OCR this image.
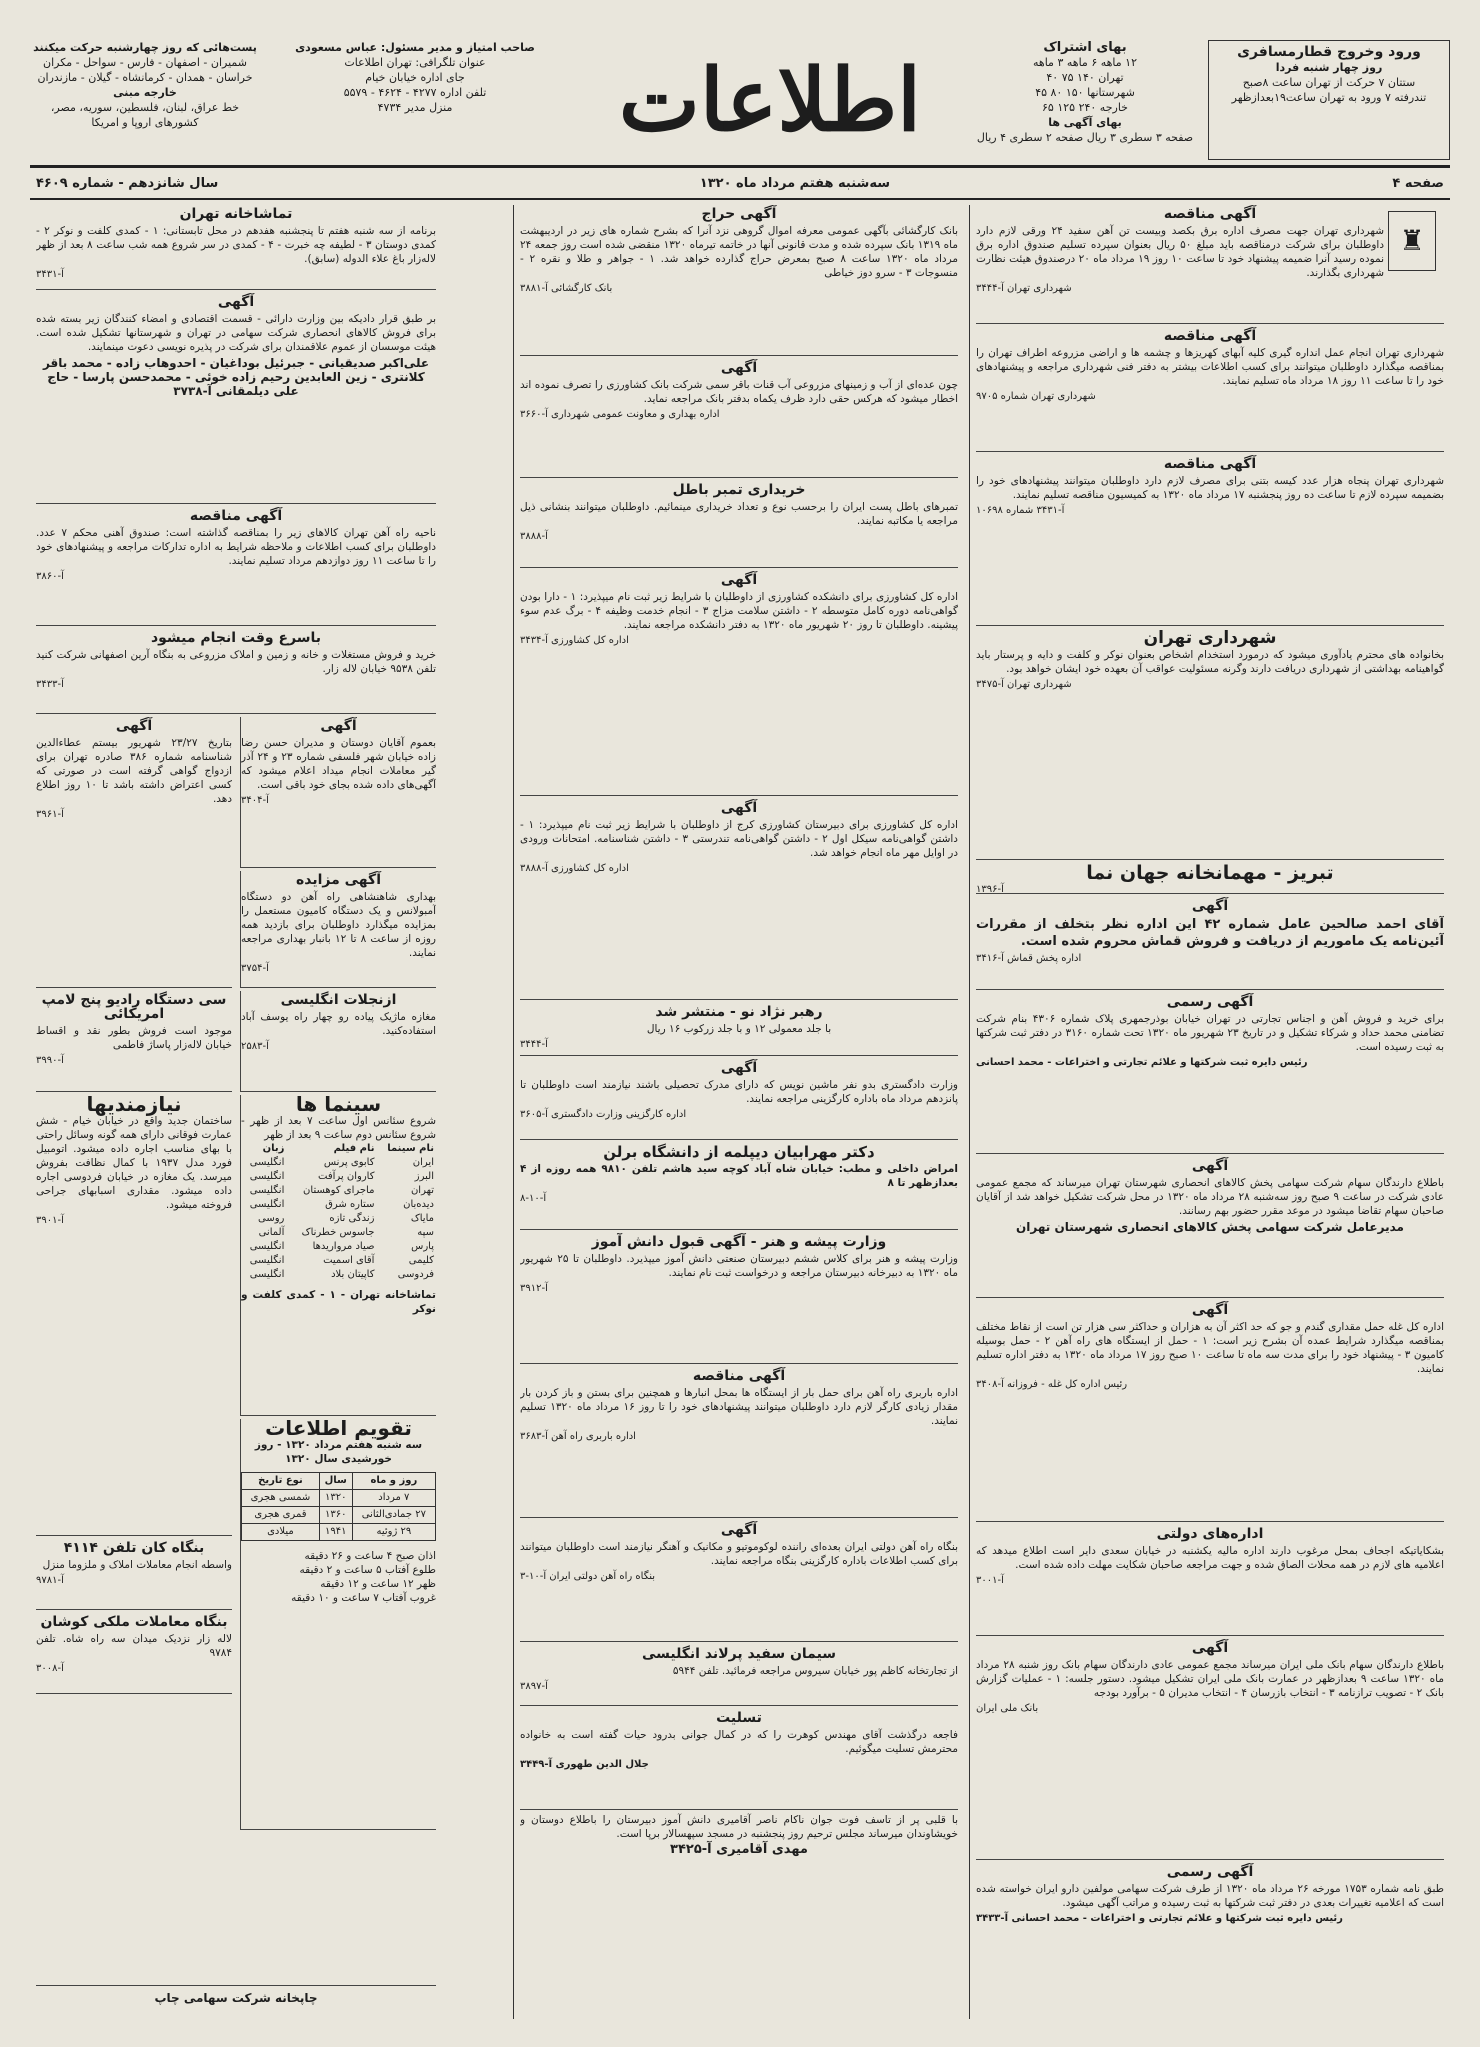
ورود وخروج قطارمسافری
روز چهار شنبه فردا
ستتان ۷ حرکت از تهران ساعت ۸صبح
تندرفته ۷ ورود به تهران ساعت۱۹بعدازظهر
بهای اشتراک
۱۲ ماهه ۶ ماهه ۳ ماهه
تهران ۱۴۰ ۷۵ ۴۰
شهرستانها ۱۵۰ ۸۰ ۴۵
خارجه ۲۴۰ ۱۲۵ ۶۵
بهای آگهی ها
صفحه ۳ سطری ۳ ریال صفحه ۲ سطری ۴ ریال
اطلاعات
صاحب امتیاز و مدیر مسئول: عباس مسعودی
عنوان تلگرافی: تهران اطلاعات
جای اداره خیابان خیام
تلفن اداره ۴۲۷۷ - ۴۶۲۴ - ۵۵۷۹
منزل مدیر ۴۷۳۴
پست‌هائی که روز چهارشنبه حرکت میکنند
شمیران - اصفهان - فارس - سواحل - مکران
خراسان - همدان - کرمانشاه - گیلان - مازندران
خارجه مبنی
خط عراق، لبنان، فلسطین، سوریه، مصر، کشورهای اروپا و امریکا
صفحه ۴
سه‌شنبه هفتم مرداد ماه ۱۳۲۰
سال شانزدهم - شماره ۴۶۰۹
♜
آگهی مناقصه

شهرداری تهران جهت مصرف اداره برق بکصد وبیست تن آهن سفید ۲۴ ورقی لازم دارد داوطلبان برای شرکت درمناقصه باید مبلغ ۵۰ ریال بعنوان سپرده تسلیم صندوق اداره برق نموده رسید آنرا ضمیمه پیشنهاد خود تا ساعت ۱۰ روز ۱۹ مرداد ماه ۲۰ درصندوق هیئت نظارت شهرداری بگذارند.

شهرداری تهران آ-۳۴۴۴

آگهی مناقصه

شهرداری تهران انجام عمل انداره گیری کلیه آبهای کهریزها و چشمه ها و اراضی مزروعه اطراف تهران را بمناقصه میگذارد داوطلبان میتوانند برای کسب اطلاعات بیشتر به دفتر فنی شهرداری مراجعه و پیشنهادهای خود را تا ساعت ۱۱ روز ۱۸ مرداد ماه تسلیم نمایند.

شهرداری تهران شماره ۹۷۰۵

آگهی مناقصه

شهرداری تهران پنجاه هزار عدد کیسه بتنی برای مصرف لازم دارد داوطلبان میتوانند پیشنهادهای خود را بضمیمه سپرده لازم تا ساعت ده روز پنجشنبه ۱۷ مرداد ماه ۱۳۲۰ به کمیسیون مناقصه تسلیم نمایند.

آ-۳۴۳۱ شماره ۱۰۶۹۸

شهرداری تهران

بخانواده های محترم یادآوری میشود که درمورد استخدام اشخاص بعنوان نوکر و کلفت و دایه و پرستار باید گواهینامه بهداشتی از شهرداری دریافت دارند وگرنه مسئولیت عواقب آن بعهده خود ایشان خواهد بود.

شهرداری تهران آ-۳۴۷۵

تبریز - مهمانخانه جهان نما

آ-۱۳۹۶

آگهی

آقای احمد صالحین عامل شماره ۴۲ این اداره نظر بتخلف از مقررات آئین‌نامه یک ماموریم از دریافت و فروش قماش محروم شده است.

اداره پخش قماش آ-۳۴۱۶

آگهی رسمی

برای خرید و فروش آهن و اجناس تجارتی در تهران خیابان بوذرجمهری پلاک شماره ۴۳۰۶ بنام شرکت تضامنی محمد حداد و شرکاء تشکیل و در تاریخ ۲۳ شهریور ماه ۱۳۲۰ تحت شماره ۳۱۶۰ در دفتر ثبت شرکتها به ثبت رسیده است.

رئیس دایره ثبت شرکتها و علائم تجارتی و اختراعات - محمد احسانی

آگهی

باطلاع دارندگان سهام شرکت سهامی پخش کالاهای انحصاری شهرستان تهران میرساند که مجمع عمومی عادی شرکت در ساعت ۹ صبح روز سه‌شنبه ۲۸ مرداد ماه ۱۳۲۰ در محل شرکت تشکیل خواهد شد از آقایان صاحبان سهام تقاضا میشود در موعد مقرر حضور بهم رسانند.

مدیرعامل شرکت سهامی پخش کالاهای انحصاری شهرستان تهران

آگهی

اداره کل غله حمل مقداری گندم و جو که حد اکثر آن به هزاران و حداکثر سی هزار تن است از نقاط مختلف بمناقصه میگذارد شرایط عمده آن بشرح زیر است: ۱ - حمل از ایستگاه های راه آهن ۲ - حمل بوسیله کامیون ۳ - پیشنهاد خود را برای مدت سه ماه تا ساعت ۱۰ صبح روز ۱۷ مرداد ماه ۱۳۲۰ به دفتر اداره تسلیم نمایند.

رئیس اداره کل غله - فروزانه آ-۳۴۰۸

اداره‌های دولتی

بشکایاتیکه اجحاف بمحل مرغوب دارند اداره مالیه یکشنبه در خیابان سعدی دایر است اطلاع میدهد که اعلامیه های لازم در همه محلات الصاق شده و جهت مراجعه صاحبان شکایت مهلت داده شده است.

آ-۳۰۰۱

آگهی

باطلاع دارندگان سهام بانک ملی ایران میرساند مجمع عمومی عادی دارندگان سهام بانک روز شنبه ۲۸ مرداد ماه ۱۳۲۰ ساعت ۹ بعدازظهر در عمارت بانک ملی ایران تشکیل میشود. دستور جلسه: ۱ - عملیات گزارش بانک ۲ - تصویب ترازنامه ۳ - انتخاب بازرسان ۴ - انتخاب مدیران ۵ - برآورد بودجه

بانک ملی ایران

آگهی رسمی

طبق نامه شماره ۱۷۵۳ مورخه ۲۶ مرداد ماه ۱۳۲۰ از طرف شرکت سهامی مولفین دارو ایران خواسته شده است که اعلامیه تغییرات بعدی در دفتر ثبت شرکتها به ثبت رسیده و مراتب آگهی میشود.

رئیس دایره ثبت شرکتها و علائم تجارتی و اختراعات - محمد احسانی آ-۳۴۳۳

آگهی حراج

بانک کارگشائی بآگهی عمومی معرفه اموال گروهی نزد آنرا که بشرح شماره های زیر در اردیبهشت ماه ۱۳۱۹ بانک سپرده شده و مدت قانونی آنها در خاتمه تیرماه ۱۳۲۰ منقضی شده است روز جمعه ۲۴ مرداد ماه ۱۳۲۰ ساعت ۸ صبح بمعرض حراج گذارده خواهد شد. ۱ - جواهر و طلا و نقره ۲ - منسوجات ۳ - سرو دوز خیاطی

بانک کارگشائی آ-۳۸۸۱

آگهی

چون عده‌ای از آب و زمینهای مزروعی آب قنات باقر سمی شرکت بانک کشاورزی را تصرف نموده اند اخطار میشود که هرکس حقی دارد ظرف یکماه بدفتر بانک مراجعه نماید.

اداره بهداری و معاونت عمومی شهرداری آ-۳۶۶۰

خریداری تمبر باطل

تمبرهای باطل پست ایران را برحسب نوع و تعداد خریداری مینمائیم. داوطلبان میتوانند بنشانی ذیل مراجعه یا مکاتبه نمایند.

آ-۳۸۸۸

آگهی

اداره کل کشاورزی برای دانشکده کشاورزی از داوطلبان با شرایط زیر ثبت نام میپذیرد: ۱ - دارا بودن گواهی‌نامه دوره کامل متوسطه ۲ - داشتن سلامت مزاج ۳ - انجام خدمت وظیفه ۴ - برگ عدم سوء پیشینه. داوطلبان تا روز ۲۰ شهریور ماه ۱۳۲۰ به دفتر دانشکده مراجعه نمایند.

اداره کل کشاورزی آ-۳۴۳۴

آگهی

اداره کل کشاورزی برای دبیرستان کشاورزی کرج از داوطلبان با شرایط زیر ثبت نام میپذیرد: ۱ - داشتن گواهی‌نامه سیکل اول ۲ - داشتن گواهی‌نامه تندرستی ۳ - داشتن شناسنامه. امتحانات ورودی در اوایل مهر ماه انجام خواهد شد.

اداره کل کشاورزی آ-۳۸۸۸

رهبر نژاد نو - منتشر شد

با جلد معمولی ۱۲ و با جلد زرکوب ۱۶ ریال

آ-۳۴۴۴

آگهی

وزارت دادگستری بدو نفر ماشین نویس که دارای مدرک تحصیلی باشند نیازمند است داوطلبان تا پانزدهم مرداد ماه باداره کارگزینی مراجعه نمایند.

اداره کارگزینی وزارت دادگستری آ-۳۶۰۵

دکتر مهرابیان دیپلمه از دانشگاه برلن

امراض داخلی و مطب: خیابان شاه آباد کوچه سید هاشم تلفن ۹۸۱۰ همه روزه از ۴ بعدازظهر تا ۸

آ-۱۰-۸

وزارت پیشه و هنر - آگهی قبول دانش آموز

وزارت پیشه و هنر برای کلاس ششم دبیرستان صنعتی دانش آموز میپذیرد. داوطلبان تا ۲۵ شهریور ماه ۱۳۲۰ به دبیرخانه دبیرستان مراجعه و درخواست ثبت نام نمایند.

آ-۳۹۱۲

آگهی مناقصه

اداره باربری راه آهن برای حمل بار از ایستگاه ها بمحل انبارها و همچنین برای بستن و باز کردن بار مقدار زیادی کارگر لازم دارد داوطلبان میتوانند پیشنهادهای خود را تا روز ۱۶ مرداد ماه ۱۳۲۰ تسلیم نمایند.

اداره باربری راه آهن آ-۳۶۸۳

آگهی

بنگاه راه آهن دولتی ایران بعده‌ای راننده لوکوموتیو و مکانیک و آهنگر نیازمند است داوطلبان میتوانند برای کسب اطلاعات باداره کارگزینی بنگاه مراجعه نمایند.

بنگاه راه آهن دولتی ایران آ-۱۰-۳

سیمان سفید پرلاند انگلیسی

از تجارتخانه کاظم پور خیابان سیروس مراجعه فرمائید. تلفن ۵۹۴۴

آ-۳۸۹۷

تسلیت

فاجعه درگذشت آقای مهندس کوهرت را که در کمال جوانی بدرود حیات گفته است به خانواده محترمش تسلیت میگوئیم.

جلال الدین طهوری آ-۳۴۴۹

با قلبی پر از تاسف فوت جوان ناکام ناصر آقامیری دانش آموز دبیرستان را باطلاع دوستان و خویشاوندان میرساند مجلس ترحیم روز پنجشنبه در مسجد سپهسالار برپا است.

مهدی آقامیری آ-۳۴۲۵

تماشاخانه تهران

برنامه از سه شنبه هفتم تا پنجشنبه هفدهم در محل تابستانی: ۱ - کمدی کلفت و نوکر ۲ - کمدی دوستان ۳ - لطیفه چه خبرت - ۴ - کمدی در سر شروع همه شب ساعت ۸ بعد از ظهر لاله‌زار باغ علاء الدوله (سابق).

آ-۳۴۳۱

آگهی

بر طبق قرار دادیکه بین وزارت دارائی - قسمت اقتصادی و امضاء کنندگان زیر بسته شده برای فروش کالاهای انحصاری شرکت سهامی در تهران و شهرستانها تشکیل شده است. هیئت موسسان از عموم علاقمندان برای شرکت در پذیره نویسی دعوت مینمایند.

علی‌اکبر صدیقیانی - جبرئیل بوداغیان - احدوهاب زاده - محمد باقر کلانتری - زین العابدین رحیم زاده خوئی - محمدحسن پارسا - حاج علی دیلمقانی آ-۳۷۳۸

آگهی مناقصه

ناحیه راه آهن تهران کالاهای زیر را بمناقصه گذاشته است: صندوق آهنی محکم ۷ عدد. داوطلبان برای کسب اطلاعات و ملاحظه شرایط به اداره تدارکات مراجعه و پیشنهادهای خود را تا ساعت ۱۱ روز دوازدهم مرداد تسلیم نمایند.

آ-۳۸۶۰

باسرع وقت انجام میشود

خرید و فروش مستغلات و خانه و زمین و املاک مزروعی به بنگاه آرین اصفهانی شرکت کنید تلفن ۹۵۳۸ خیابان لاله زار.

آ-۳۴۳۳

آگهی

بعموم آقایان دوستان و مدیران حسن رضا زاده خیابان شهر فلسفی شماره ۲۳ و ۲۴ آذر گیر معاملات انجام میداد اعلام میشود که آگهی‌های داده شده بجای خود باقی است.

آ-۳۴۰۴

آگهی

بتاریخ ۲۳/۲۷ شهریور بیستم عطاءالدین شناسنامه شماره ۳۸۶ صادره تهران برای ازدواج گواهی گرفته است در صورتی که کسی اعتراض داشته باشد تا ۱۰ روز اطلاع دهد.

آ-۳۹۶۱

آگهی مزایده

بهداری شاهنشاهی راه آهن دو دستگاه آمبولانس و یک دستگاه کامیون مستعمل را بمزایده میگذارد داوطلبان برای بازدید همه روزه از ساعت ۸ تا ۱۲ بانبار بهداری مراجعه نمایند.

آ-۳۷۵۴

سی دستگاه رادیو پنج لامپ امریکائی

موجود است فروش بطور نقد و اقساط خیابان لاله‌زار پاساژ فاطمی

آ-۳۹۹۰

ازنجلات انگلیسی

مغازه ماژیک پیاده رو چهار راه یوسف آباد استفاده‌کنید.

آ-۲۵۸۳

سینما ها

شروع سئانس اول ساعت ۷ بعد از ظهر - شروع سئانس دوم ساعت ۹ بعد از ظهر

نام سینما	نام فیلم	زبان
ایران	کابوی پرنس	انگلیسی
البرز	کاروان پرآفت	انگلیسی
تهران	ماجرای کوهستان	انگلیسی
دیده‌بان	ستاره شرق	انگلیسی
مایاک	زندگی تازه	روسی
سپه	جاسوس خطرناک	آلمانی
پارس	صیاد مرواریدها	انگلیسی
کلیمی	آقای اسمیت	انگلیسی
فردوسی	کاپیتان بلاد	انگلیسی

تماشاخانه تهران - ۱ - کمدی کلفت و نوکر

نیازمندیها

ساختمان جدید واقع در خیابان خیام - شش عمارت فوقانی دارای همه گونه وسائل راحتی با بهای مناسب اجاره داده میشود. اتومبیل فورد مدل ۱۹۳۷ با کمال نظافت بفروش میرسد. یک مغازه در خیابان فردوسی اجاره داده میشود. مقداری اسبابهای جراحی فروخته میشود.

آ-۳۹۰۱

بنگاه کان تلفن ۴۱۱۴

واسطه انجام معاملات املاک و ملزوما منزل

آ-۹۷۸۱

بنگاه معاملات ملکی کوشان

لاله زار نزدیک میدان سه راه شاه. تلفن ۹۷۸۴

آ-۳۰۰۸

تقویم اطلاعات

سه شنبه هفتم مرداد ۱۳۲۰ - روز خورشیدی سال ۱۳۲۰

روز و ماه	سال	نوع تاریخ
۷ مرداد	۱۳۲۰	شمسی هجری
۲۷ جمادی‌الثانی	۱۳۶۰	قمری هجری
۲۹ ژوئیه	۱۹۴۱	میلادی

اذان صبح ۴ ساعت و ۲۶ دقیقه

طلوع آفتاب ۵ ساعت و ۲ دقیقه

ظهر ۱۲ ساعت و ۱۲ دقیقه

غروب آفتاب ۷ ساعت و ۱۰ دقیقه

چاپخانه شرکت سهامی چاپ
